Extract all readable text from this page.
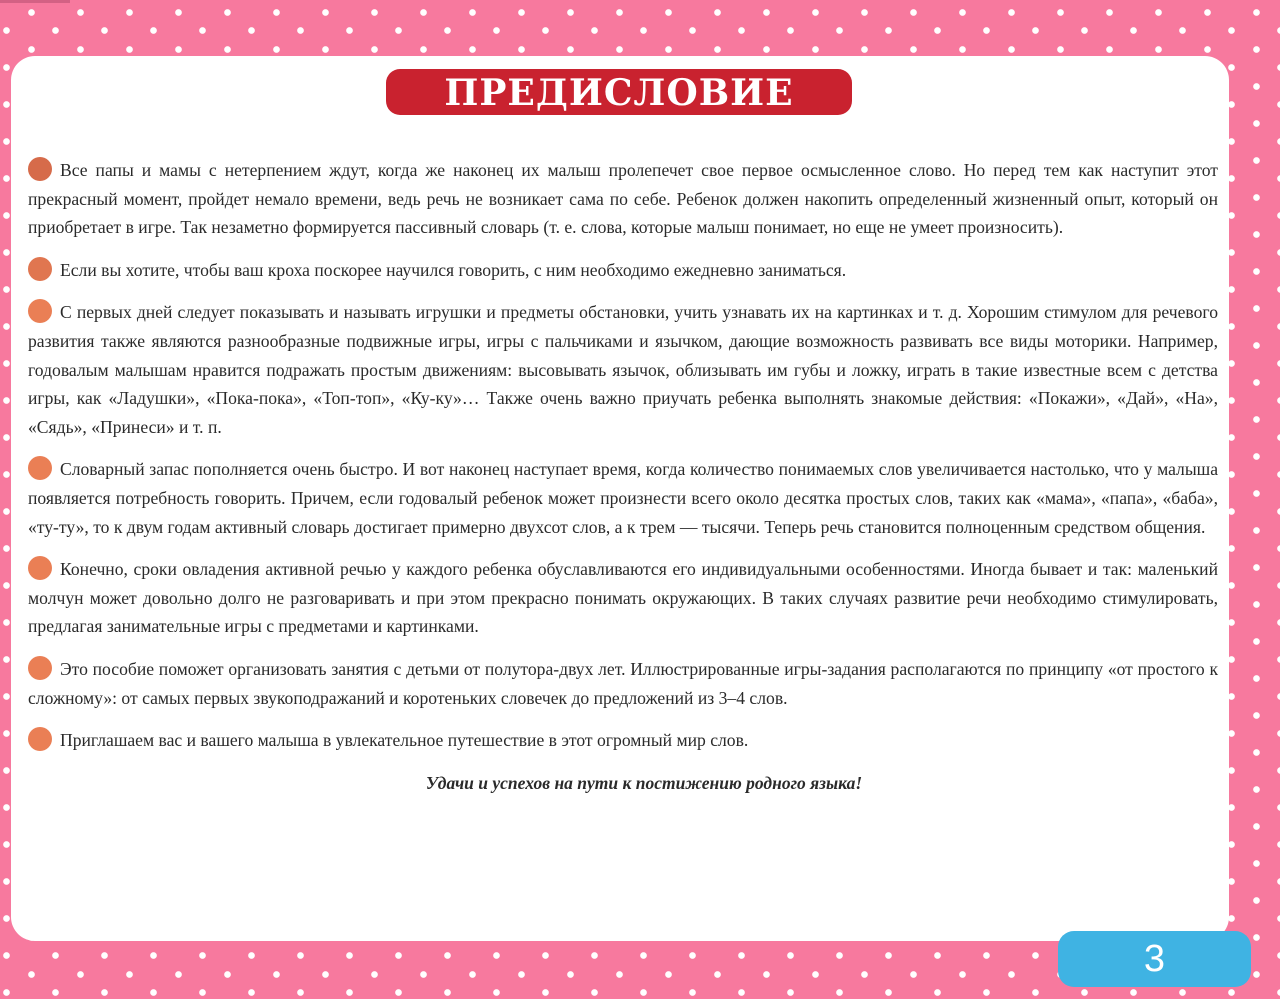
ПРЕДИСЛОВИЕ

Все папы и мамы с нетерпением ждут, когда же наконец их малыш пролепечет свое первое осмысленное слово. Но перед тем как наступит этот прекрасный момент, пройдет немало времени, ведь речь не возникает сама по себе. Ребенок должен накопить определенный жизненный опыт, который он приобретает в игре. Так незаметно формируется пассивный словарь (т. е. слова, которые малыш понимает, но еще не умеет произносить).

Если вы хотите, чтобы ваш кроха поскорее научился говорить, с ним необходимо ежедневно заниматься.

С первых дней следует показывать и называть игрушки и предметы обстановки, учить узнавать их на картинках и т. д. Хорошим стимулом для речевого развития также являются разнообразные подвижные игры, игры с пальчиками и язычком, дающие возможность развивать все виды моторики. Например, годовалым малышам нравится подражать простым движениям: высовывать язычок, облизывать им губы и ложку, играть в такие известные всем с детства игры, как «Ладушки», «Пока-пока», «Топ-топ», «Ку-ку»… Также очень важно приучать ребенка выполнять знакомые действия: «Покажи», «Дай», «На», «Сядь», «Принеси» и т. п.

Словарный запас пополняется очень быстро. И вот наконец наступает время, когда количество понимаемых слов увеличивается настолько, что у малыша появляется потребность говорить. Причем, если годовалый ребенок может произнести всего около десятка простых слов, таких как «мама», «папа», «баба», «ту-ту», то к двум годам активный словарь достигает примерно двухсот слов, а к трем — тысячи. Теперь речь становится полноценным средством общения.

Конечно, сроки овладения активной речью у каждого ребенка обуславливаются его индивидуальными особенностями. Иногда бывает и так: маленький молчун может довольно долго не разговаривать и при этом прекрасно понимать окружающих. В таких случаях развитие речи необходимо стимулировать, предлагая занимательные игры с предметами и картинками.

Это пособие поможет организовать занятия с детьми от полутора-двух лет. Иллюстрированные игры-задания располагаются по принципу «от простого к сложному»: от самых первых звукоподражаний и коротеньких словечек до предложений из 3–4 слов.

Приглашаем вас и вашего малыша в увлекательное путешествие в этот огромный мир слов.

Удачи и успехов на пути к постижению родного языка!

3
